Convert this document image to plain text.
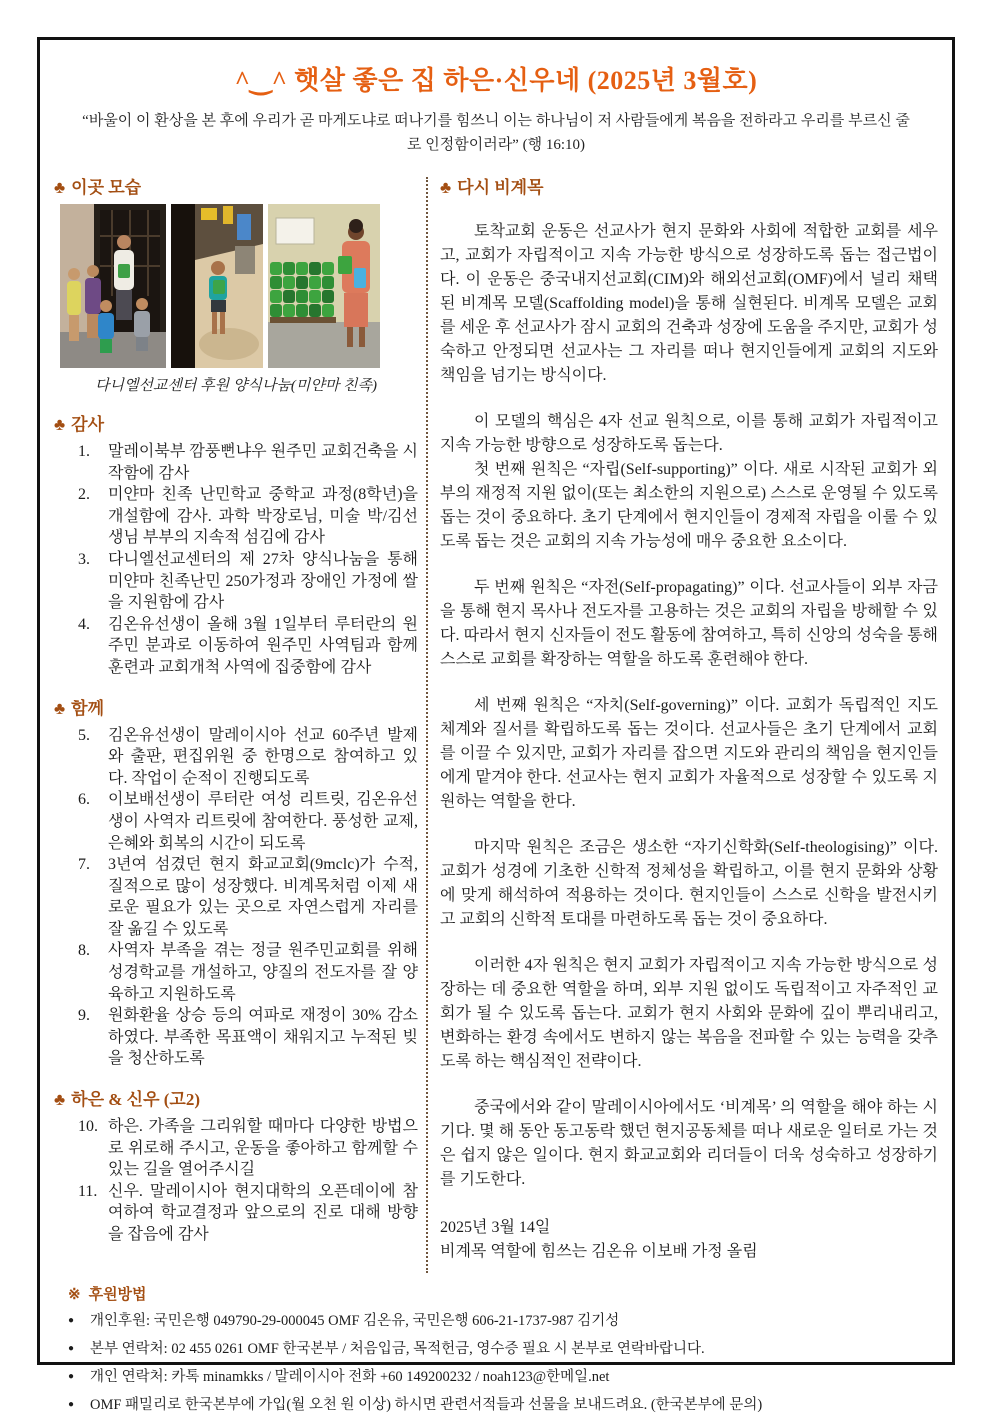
^‿^ 햇살 좋은 집 하은·신우네 (2025년 3월호)

“바울이 이 환상을 본 후에 우리가 곧 마게도냐로 떠나기를 힘쓰니 이는 하나님이 저 사람들에게 복음을 전하라고 우리를 부르신 줄로 인정함이러라” (행 16:10)

♣ 이곳 모습

다니엘선교센터 후원 양식나눔(미얀마 친족)

♣ 감사
1.	말레이북부 깜풍뻔냐우 원주민 교회건축을 시작함에 감사
2.	미얀마 친족 난민학교 중학교 과정(8학년)을 개설함에 감사. 과학 박장로님, 미술 박/김선생님 부부의 지속적 섬김에 감사
3.	다니엘선교센터의 제 27차 양식나눔을 통해 미얀마 친족난민 250가정과 장애인 가정에 쌀을 지원함에 감사
4.	김온유선생이 올해 3월 1일부터 루터란의 원주민 분과로 이동하여 원주민 사역팀과 함께 훈련과 교회개척 사역에 집중함에 감사
♣ 함께
5.	김온유선생이 말레이시아 선교 60주년 발제와 출판, 편집위원 중 한명으로 참여하고 있다. 작업이 순적이 진행되도록
6.	이보배선생이 루터란 여성 리트릿, 김온유선생이 사역자 리트릿에 참여한다. 풍성한 교제, 은혜와 회복의 시간이 되도록
7.	3년여 섬겼던 현지 화교교회(9mclc)가 수적, 질적으로 많이 성장했다. 비계목처럼 이제 새로운 필요가 있는 곳으로 자연스럽게 자리를 잘 옮길 수 있도록
8.	사역자 부족을 겪는 정글 원주민교회를 위해 성경학교를 개설하고, 양질의 전도자를 잘 양육하고 지원하도록
9.	원화환율 상승 등의 여파로 재정이 30% 감소하였다. 부족한 목표액이 채워지고 누적된 빚을 청산하도록
♣ 하은 & 신우 (고2)
10. 하은. 가족을 그리워할 때마다 다양한 방법으로 위로해 주시고, 운동을 좋아하고 함께할 수 있는 길을 열어주시길
11. 신우. 말레이시아 현지대학의 오픈데이에 참여하여 학교결정과 앞으로의 진로 대해 방향을 잡음에 감사
♣ 다시 비계목

토착교회 운동은 선교사가 현지 문화와 사회에 적합한 교회를 세우고, 교회가 자립적이고 지속 가능한 방식으로 성장하도록 돕는 접근법이다. 이 운동은 중국내지선교회(CIM)와 해외선교회(OMF)에서 널리 채택된 비계목 모델(Scaffolding model)을 통해 실현된다. 비계목 모델은 교회를 세운 후 선교사가 잠시 교회의 건축과 성장에 도움을 주지만, 교회가 성숙하고 안정되면 선교사는 그 자리를 떠나 현지인들에게 교회의 지도와 책임을 넘기는 방식이다.

이 모델의 핵심은 4자 선교 원칙으로, 이를 통해 교회가 자립적이고 지속 가능한 방향으로 성장하도록 돕는다.

첫 번째 원칙은 “자립(Self-supporting)” 이다. 새로 시작된 교회가 외부의 재정적 지원 없이(또는 최소한의 지원으로) 스스로 운영될 수 있도록 돕는 것이 중요하다. 초기 단계에서 현지인들이 경제적 자립을 이룰 수 있도록 돕는 것은 교회의 지속 가능성에 매우 중요한 요소이다.

두 번째 원칙은 “자전(Self-propagating)” 이다. 선교사들이 외부 자금을 통해 현지 목사나 전도자를 고용하는 것은 교회의 자립을 방해할 수 있다. 따라서 현지 신자들이 전도 활동에 참여하고, 특히 신앙의 성숙을 통해 스스로 교회를 확장하는 역할을 하도록 훈련해야 한다.

세 번째 원칙은 “자치(Self-governing)” 이다. 교회가 독립적인 지도 체계와 질서를 확립하도록 돕는 것이다. 선교사들은 초기 단계에서 교회를 이끌 수 있지만, 교회가 자리를 잡으면 지도와 관리의 책임을 현지인들에게 맡겨야 한다. 선교사는 현지 교회가 자율적으로 성장할 수 있도록 지원하는 역할을 한다.

마지막 원칙은 조금은 생소한 “자기신학화(Self-theologising)” 이다. 교회가 성경에 기초한 신학적 정체성을 확립하고, 이를 현지 문화와 상황에 맞게 해석하여 적용하는 것이다. 현지인들이 스스로 신학을 발전시키고 교회의 신학적 토대를 마련하도록 돕는 것이 중요하다.

이러한 4자 원칙은 현지 교회가 자립적이고 지속 가능한 방식으로 성장하는 데 중요한 역할을 하며, 외부 지원 없이도 독립적이고 자주적인 교회가 될 수 있도록 돕는다. 교회가 현지 사회와 문화에 깊이 뿌리내리고, 변화하는 환경 속에서도 변하지 않는 복음을 전파할 수 있는 능력을 갖추도록 하는 핵심적인 전략이다.

중국에서와 같이 말레이시아에서도 ‘비계목’ 의 역할을 해야 하는 시기다. 몇 해 동안 동고동락 했던 현지공동체를 떠나 새로운 일터로 가는 것은 쉽지 않은 일이다. 현지 화교교회와 리더들이 더욱 성숙하고 성장하기를 기도한다.

2025년 3월 14일

비계목 역할에 힘쓰는 김온유 이보배 가정 올림

※ 후원방법
●	개인후원: 국민은행 049790-29-000045 OMF 김온유, 국민은행 606-21-1737-987 김기성
●	본부 연락처: 02 455 0261 OMF 한국본부 / 처음입금, 목적헌금, 영수증 필요 시 본부로 연락바랍니다.
●	개인 연락처: 카톡 minamkks / 말레이시아 전화 +60 149200232 / noah123@한메일.net
●	OMF 패밀리로 한국본부에 가입(월 오천 원 이상) 하시면 관련서적들과 선물을 보내드려요. (한국본부에 문의)
